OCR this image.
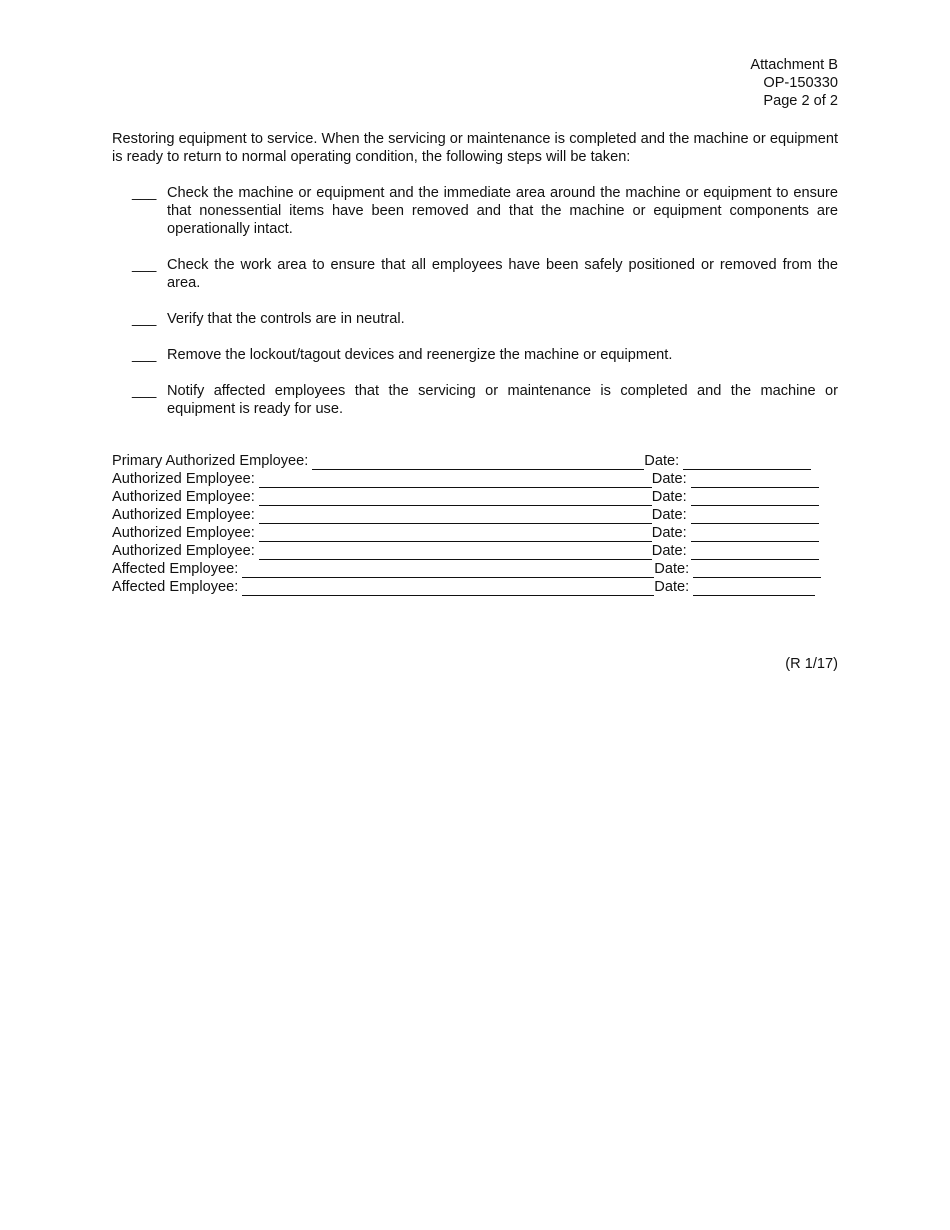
Attachment B
OP-150330
Page 2 of 2
Restoring equipment to service. When the servicing or maintenance is completed and the machine or equipment is ready to return to normal operating condition, the following steps will be taken:
___ Check the machine or equipment and the immediate area around the machine or equipment to ensure that nonessential items have been removed and that the machine or equipment components are operationally intact.
___ Check the work area to ensure that all employees have been safely positioned or removed from the area.
___ Verify that the controls are in neutral.
___ Remove the lockout/tagout devices and reenergize the machine or equipment.
___ Notify affected employees that the servicing or maintenance is completed and the machine or equipment is ready for use.
Primary Authorized Employee:	Date:
Authorized Employee:	Date:
Authorized Employee:	Date:
Authorized Employee:	Date:
Authorized Employee:	Date:
Authorized Employee:	Date:
Affected Employee:	Date:
Affected Employee:	Date:
(R 1/17)
